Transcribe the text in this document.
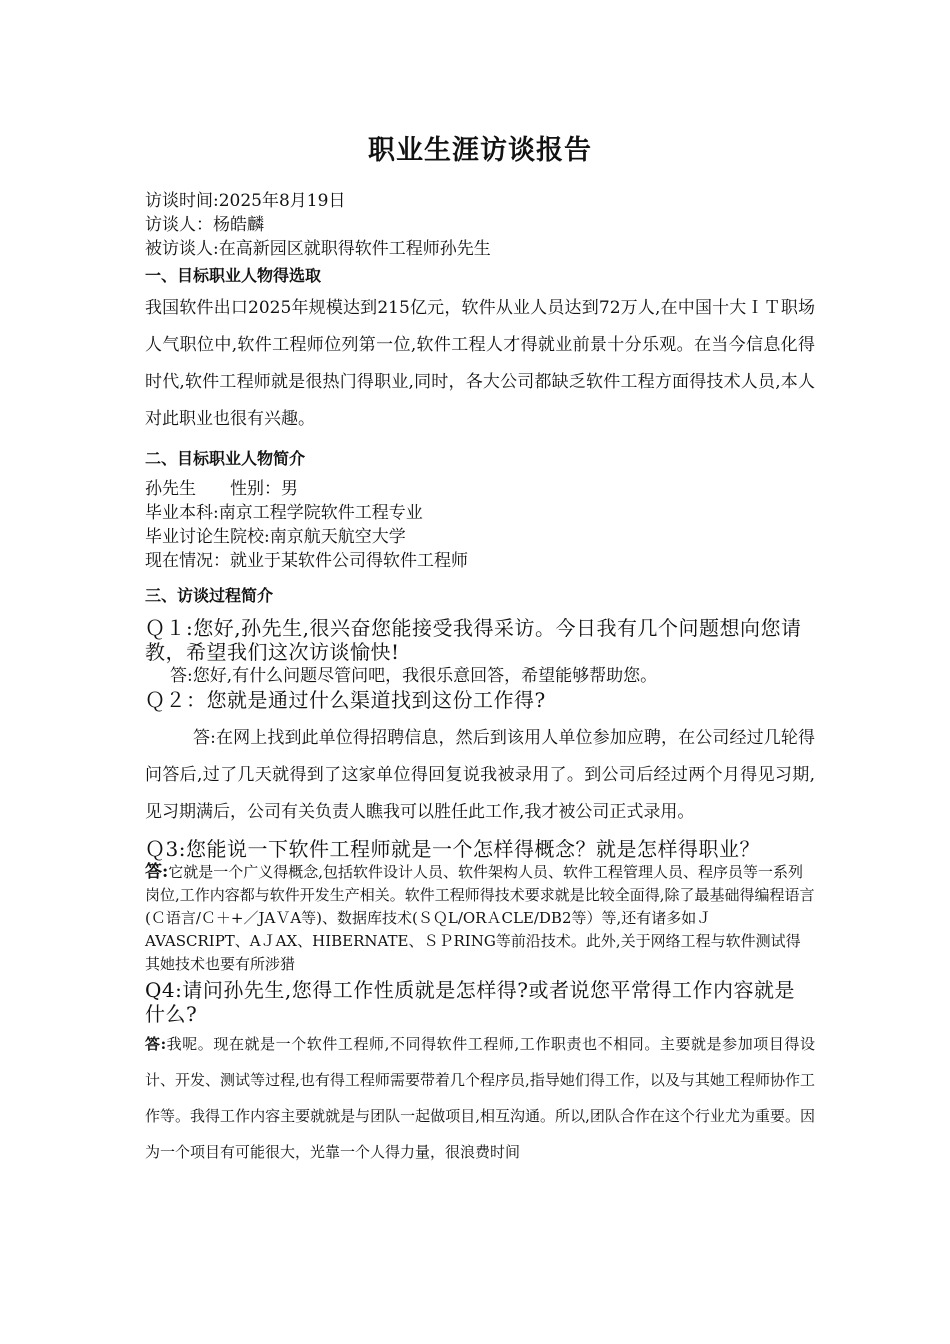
职业生涯访谈报告

访谈时间:2025年8月19日

访谈人：杨皓麟

被访谈人:在高新园区就职得软件工程师孙先生

一、目标职业人物得选取

我国软件出口2025年规模达到215亿元，软件从业人员达到72万人,在中国十大ＩＴ职场人气职位中,软件工程师位列第一位,软件工程人才得就业前景十分乐观。在当今信息化得时代,软件工程师就是很热门得职业,同时，各大公司都缺乏软件工程方面得技术人员,本人对此职业也很有兴趣。

二、目标职业人物简介

孙先生　　性别：男

毕业本科:南京工程学院软件工程专业

毕业讨论生院校:南京航天航空大学

现在情况：就业于某软件公司得软件工程师

三、访谈过程简介

Ｑ１:您好,孙先生,很兴奋您能接受我得采访。今日我有几个问题想向您请教，希望我们这次访谈愉快!

答:您好,有什么问题尽管问吧，我很乐意回答，希望能够帮助您。

Ｑ２：您就是通过什么渠道找到这份工作得?

答:在网上找到此单位得招聘信息，然后到该用人单位参加应聘，在公司经过几轮得问答后,过了几天就得到了这家单位得回复说我被录用了。到公司后经过两个月得见习期,见习期满后，公司有关负责人瞧我可以胜任此工作,我才被公司正式录用。

Ｑ3:您能说一下软件工程师就是一个怎样得概念？就是怎样得职业？

答:它就是一个广义得概念,包括软件设计人员、软件架构人员、软件工程管理人员、程序员等一系列岗位,工作内容都与软件开发生产相关。软件工程师得技术要求就是比较全面得,除了最基础得编程语言(Ｃ语言/Ｃ＋+／JAＶA等)、数据库技术(ＳＱL/ORＡCLE/DB2等）等,还有诸多如ＪAVASCRIPT、AＪAX、HIBERNATE、ＳＰRING等前沿技术。此外,关于网络工程与软件测试得其她技术也要有所涉猎

Q4:请问孙先生,您得工作性质就是怎样得?或者说您平常得工作内容就是什么?

答:我呢。现在就是一个软件工程师,不同得软件工程师,工作职责也不相同。主要就是参加项目得设计、开发、测试等过程,也有得工程师需要带着几个程序员,指导她们得工作，以及与其她工程师协作工作等。我得工作内容主要就就是与团队一起做项目,相互沟通。所以,团队合作在这个行业尤为重要。因为一个项目有可能很大，光靠一个人得力量，很浪费时间
